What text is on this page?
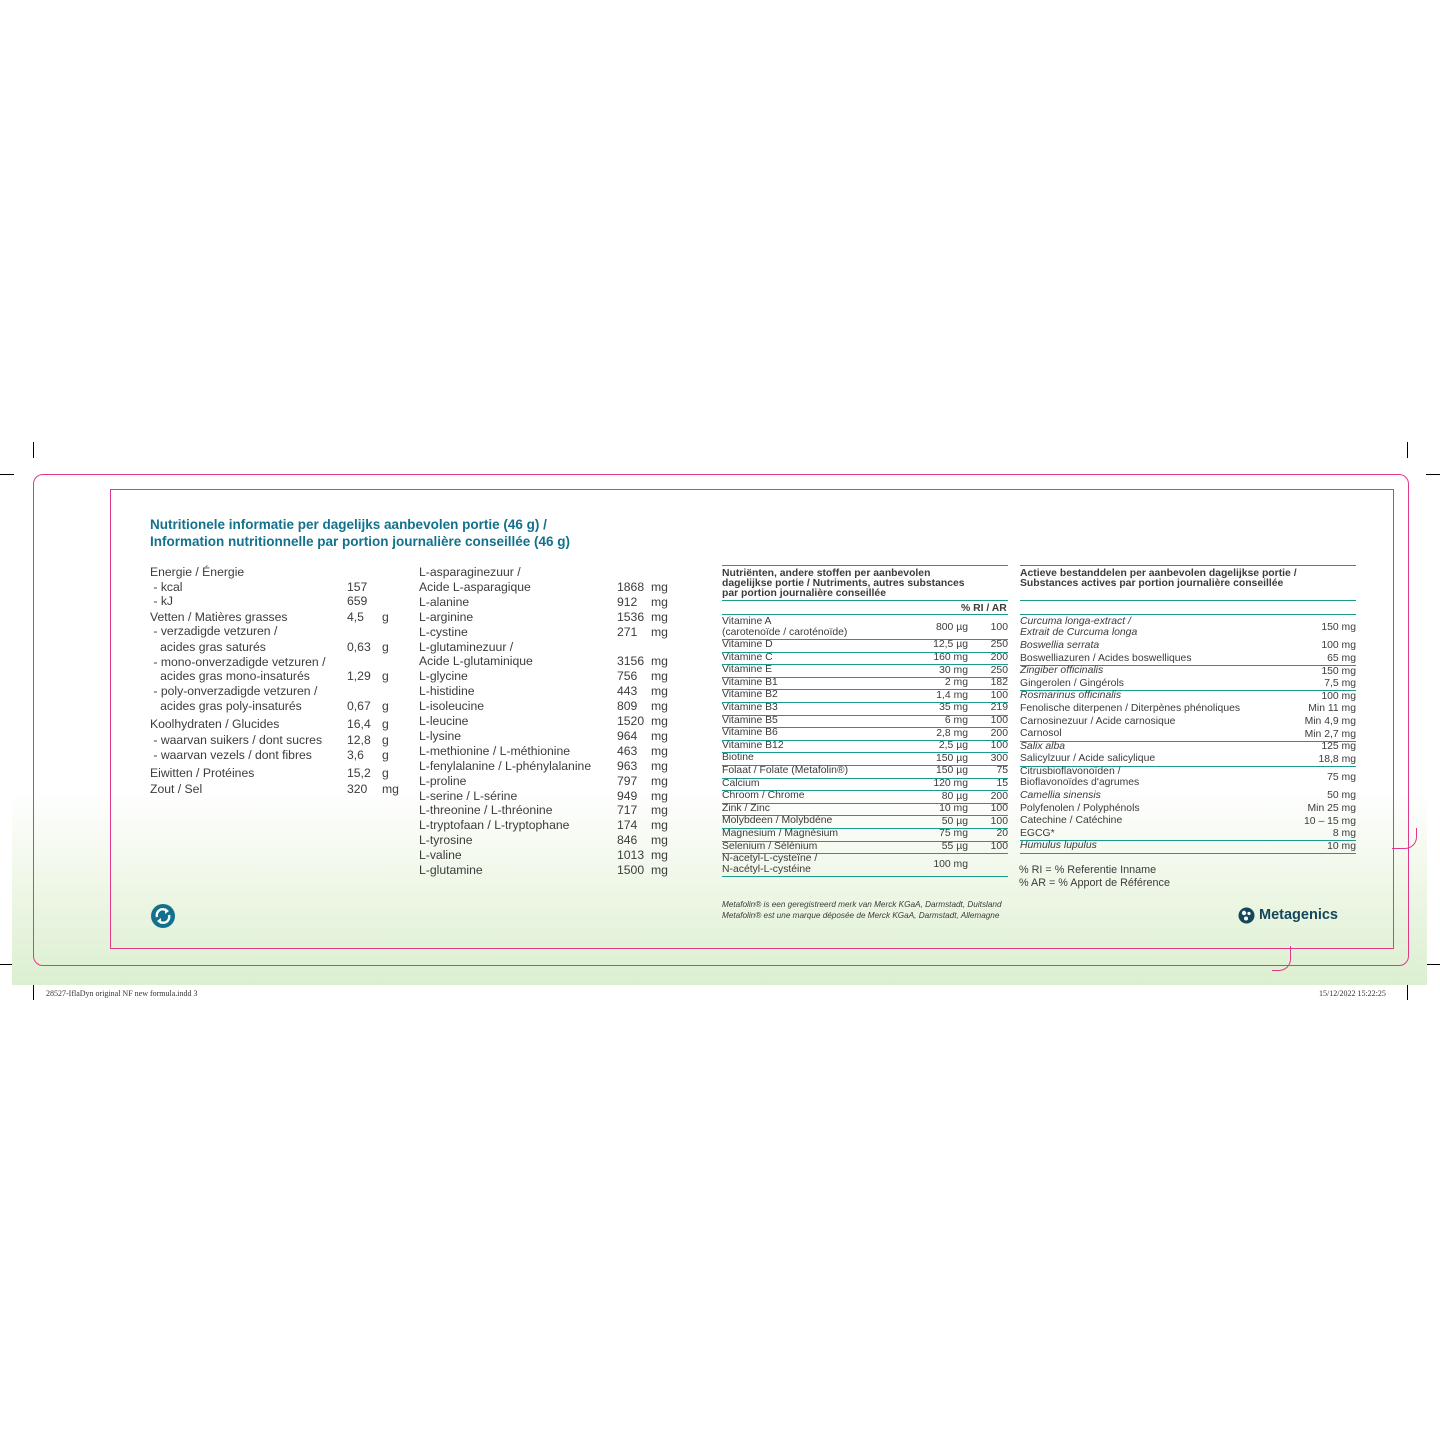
Nutritionele informatie per dagelijks aanbevolen portie (46 g) /
Information nutritionnelle par portion journalière conseillée (46 g)
Energie / Énergie
- kcal	157
- kJ	659
Vetten / Matières grasses	4,5 g
- verzadigde vetzuren /
acides gras saturés	0,63 g
- mono-onverzadigde vetzuren /
acides gras mono-insaturés	1,29 g
- poly-onverzadigde vetzuren /
acides gras poly-insaturés	0,67 g
Koolhydraten / Glucides	16,4 g
- waarvan suikers / dont sucres 12,8 g
- waarvan vezels / dont fibres	3,6 g
Eiwitten / Protéines	15,2 g
Zout / Sel	320 mg
L-asparaginezuur /
Acide L-asparagique	1868 mg
L-alanine	912 mg
L-arginine	1536 mg
L-cystine	271 mg
L-glutaminezuur /
Acide L-glutaminique	3156 mg
L-glycine	756 mg
L-histidine	443 mg
L-isoleucine	809 mg
L-leucine	1520 mg
L-lysine	964 mg
L-methionine / L-méthionine	463 mg
L-fenylalanine / L-phénylalanine 963 mg
L-proline	797 mg
L-serine / L-sérine	949 mg
L-threonine / L-thréonine	717 mg
L-tryptofaan / L-tryptophane	174 mg
L-tyrosine	846 mg
L-valine	1013 mg
L-glutamine	1500 mg
Nutriënten, andere stoffen per aanbevolen
dagelijkse portie / Nutriments, autres substances
par portion journalière conseillée
% RI / AR
Vitamine A
(carotenoïde / caroténoïde)	800 µg 100
Vitamine D	12,5 µg 250
Vitamine C	160 mg 200
Vitamine E	30 mg 250
Vitamine B1	2 mg 182
Vitamine B2	1,4 mg 100
Vitamine B3	35 mg 219
Vitamine B5	6 mg 100
Vitamine B6	2,8 mg 200
Vitamine B12	2,5 µg 100
Biotine	150 µg 300
Folaat / Folate (Metafolin®)	150 µg	75
Calcium	120 mg	15
Chroom / Chrome	80 µg 200
Zink / Zinc	10 mg 100
Molybdeen / Molybdène	50 µg 100
Magnesium / Magnésium	75 mg	20
Selenium / Sélénium	55 µg 100
N-acetyl-L-cysteïne /
N-acétyl-L-cystéine	100 mg
Actieve bestanddelen per aanbevolen dagelijkse portie /
Substances actives par portion journalière conseillée
Curcuma longa-extract /
Extrait de Curcuma longa	150 mg
Boswellia serrata	100 mg
Boswelliazuren / Acides boswelliques	65 mg
Zingiber officinalis	150 mg
Gingerolen / Gingérols	7,5 mg
Rosmarinus officinalis	100 mg
Fenolische diterpenen / Diterpènes phénoliques	Min 11 mg
Carnosinezuur / Acide carnosique	Min 4,9 mg
Carnosol	Min 2,7 mg
Salix alba	125 mg
Salicylzuur / Acide salicylique	18,8 mg
Citrusbioflavonoïden /
Bioflavonoïdes d'agrumes	75 mg
Camellia sinensis	50 mg
Polyfenolen / Polyphénols	Min 25 mg
Catechine / Catéchine	10 – 15 mg
EGCG*	8 mg
Humulus lupulus	10 mg
% RI = % Referentie Inname
% AR = % Apport de Référence
Metafolin® is een geregistreerd merk van Merck KGaA, Darmstadt, Duitsland
Metafolin® est une marque déposée de Merck KGaA, Darmstadt, Allemagne	Metagenics
28527-IflaDyn original NF new formula.indd 3	15/12/2022 15:22:25
